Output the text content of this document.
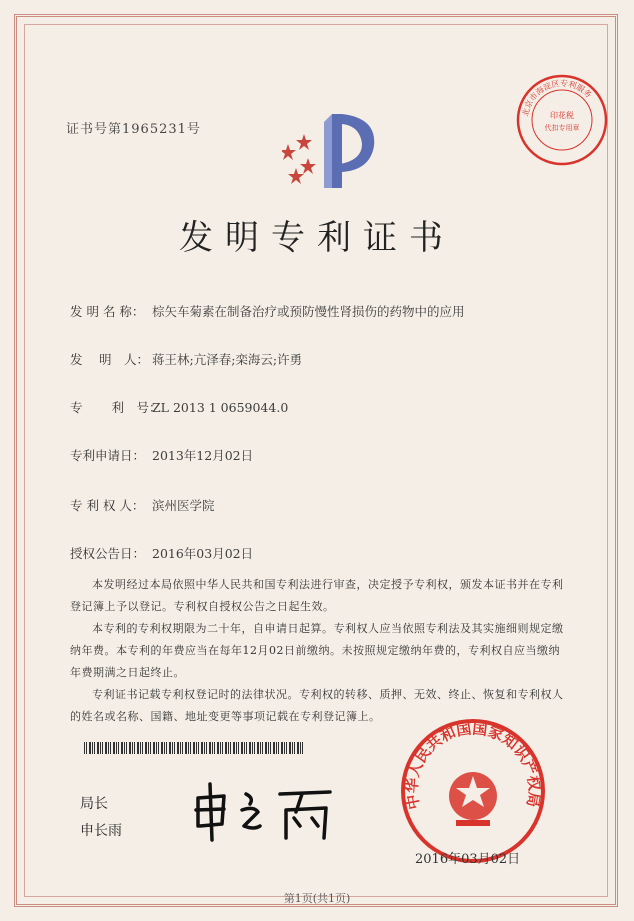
证书号第1965231号
北京市海淀区专利服务
印花税
代扣专用章
发明专利证书
发 明 名 称： 棕矢车菊素在制备治疗或预防慢性肾损伤的药物中的应用
发　 明　人： 蒋王林;亢泽春;栾海云;许勇
专　　 利　号：ZL 2013 1 0659044.0
专利申请日： 2013年12月02日
专 利 权 人： 滨州医学院
授权公告日： 2016年03月02日

本发明经过本局依照中华人民共和国专利法进行审查，决定授予专利权，颁发本证书并在专利登记簿上予以登记。专利权自授权公告之日起生效。

本专利的专利权期限为二十年，自申请日起算。专利权人应当依照专利法及其实施细则规定缴纳年费。本专利的年费应当在每年12月02日前缴纳。未按照规定缴纳年费的，专利权自应当缴纳年费期满之日起终止。

专利证书记载专利权登记时的法律状况。专利权的转移、质押、无效、终止、恢复和专利权人的姓名或名称、国籍、地址变更等事项记载在专利登记簿上。

局长
申长雨
中华人民共和国国家知识产权局
2016年03月02日
第1页(共1页)
